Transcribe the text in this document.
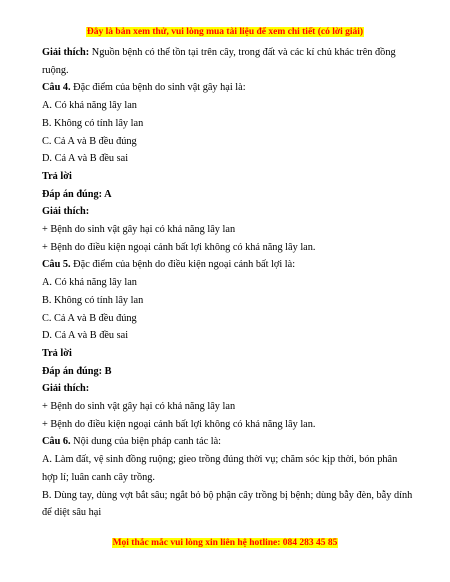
Đây là bản xem thử, vui lòng mua tài liệu để xem chi tiết (có lời giải)

Giải thích: Nguồn bệnh có thể tồn tại trên cây, trong đất và các kí chủ khác trên đồng ruộng.

Câu 4. Đặc điểm của bệnh do sinh vật gây hại là:

A. Có khả năng lây lan

B. Không có tính lây lan

C. Cả A và B đều đúng

D. Cả A và B đều sai

Trả lời

Đáp án đúng: A

Giải thích:

+ Bệnh do sinh vật gây hại có khả năng lây lan

+ Bệnh do điều kiện ngoại cảnh bất lợi không có khả năng lây lan.

Câu 5. Đặc điểm của bệnh do điều kiện ngoại cảnh bất lợi là:

A. Có khả năng lây lan

B. Không có tính lây lan

C. Cả A và B đều đúng

D. Cả A và B đều sai

Trả lời

Đáp án đúng: B

Giải thích:

+ Bệnh do sinh vật gây hại có khả năng lây lan

+ Bệnh do điều kiện ngoại cảnh bất lợi không có khả năng lây lan.

Câu 6. Nội dung của biện pháp canh tác là:

A. Làm đất, vệ sinh đồng ruộng; gieo trồng đúng thời vụ; chăm sóc kịp thời, bón phân hợp lí; luân canh cây trồng.

B. Dùng tay, dùng vợt bắt sâu; ngắt bỏ bộ phận cây trồng bị bệnh; dùng bẫy đèn, bẫy dính để diệt sâu hại

Mọi thắc mắc vui lòng xin liên hệ hotline: 084 283 45 85
